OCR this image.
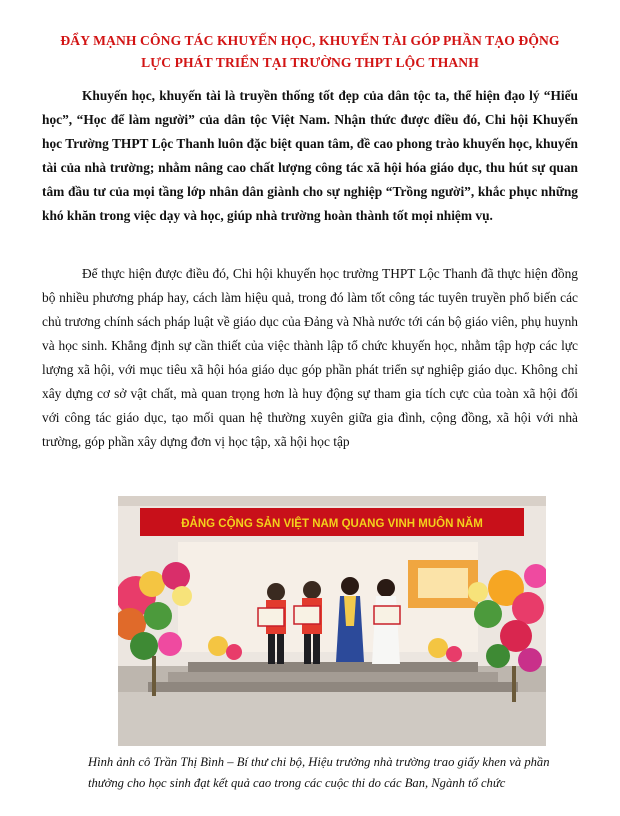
ĐẨY MẠNH CÔNG TÁC KHUYẾN HỌC, KHUYẾN TÀI GÓP PHẦN TẠO ĐỘNG
LỰC PHÁT TRIỂN TẠI TRƯỜNG THPT LỘC THANH

Khuyến học, khuyến tài là truyền thống tốt đẹp của dân tộc ta, thể hiện đạo lý “Hiếu học”, “Học để làm người” của dân tộc Việt Nam. Nhận thức được điều đó, Chi hội Khuyến học Trường THPT Lộc Thanh luôn đặc biệt quan tâm, đề cao phong trào khuyến học, khuyến tài của nhà trường; nhằm nâng cao chất lượng công tác xã hội hóa giáo dục, thu hút sự quan tâm đầu tư của mọi tầng lớp nhân dân giành cho sự nghiệp “Trồng người”, khắc phục những khó khăn trong việc dạy và học, giúp nhà trường hoàn thành tốt mọi nhiệm vụ.

Để thực hiện được điều đó, Chi hội khuyến học trường THPT Lộc Thanh đã thực hiện đồng bộ nhiều phương pháp hay, cách làm hiệu quả, trong đó làm tốt công tác tuyên truyền phổ biến các chủ trương chính sách pháp luật về giáo dục của Đảng và Nhà nước tới cán bộ giáo viên, phụ huynh và học sinh. Khẳng định sự cần thiết của việc thành lập tổ chức khuyến học, nhằm tập hợp các lực lượng xã hội, với mục tiêu xã hội hóa giáo dục góp phần phát triển sự nghiệp giáo dục. Không chỉ xây dựng cơ sở vật chất, mà quan trọng hơn là huy động sự tham gia tích cực của toàn xã hội đối với công tác giáo dục, tạo mối quan hệ thường xuyên giữa gia đình, cộng đồng, xã hội với nhà trường, góp phần xây dựng đơn vị học tập, xã hội học tập

ĐẢNG CỘNG SẢN VIỆT NAM QUANG VINH MUÔN NĂM
Hình ảnh cô Trần Thị Bình – Bí thư chi bộ, Hiệu trưởng nhà trường trao giấy khen và phần
thưởng cho học sinh đạt kết quả cao trong các cuộc thi do các Ban, Ngành tổ chức
